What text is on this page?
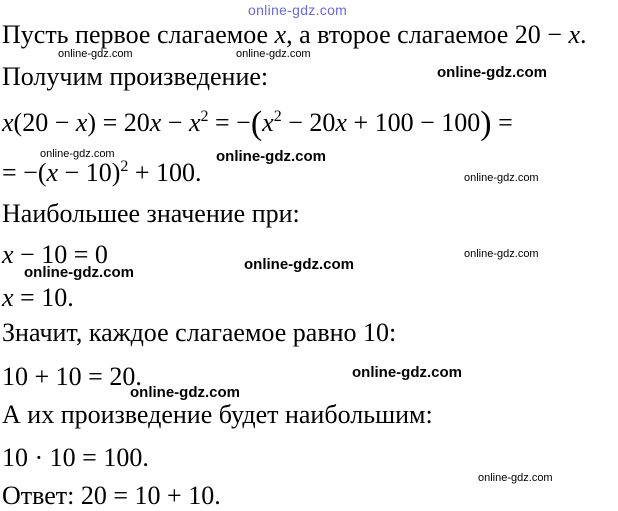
online-gdz.com
Пусть первое слагаемое x, а второе слагаемое 20 − x.
Получим произведение:
$x(20 - x) = 20x - x^2 = -(x^2 - 20x + 100 - 100)$ =
= $-(x - 10)^2 + 100$.
Наибольшее значение при:
x − 10 = 0
x = 10.
Значит, каждое слагаемое равно 10:
10 + 10 = 20.
А их произведение будет наибольшим:
10 · 10 = 100.
Ответ: 20 = 10 + 10.
online-gdz.com	online-gdz.com
online-gdz.com
online-gdz.com	online-gdz.com
online-gdz.com
online-gdz.com
online-gdz.com
online-gdz.com
online-gdz.com
online-gdz.com
online-gdz.com
